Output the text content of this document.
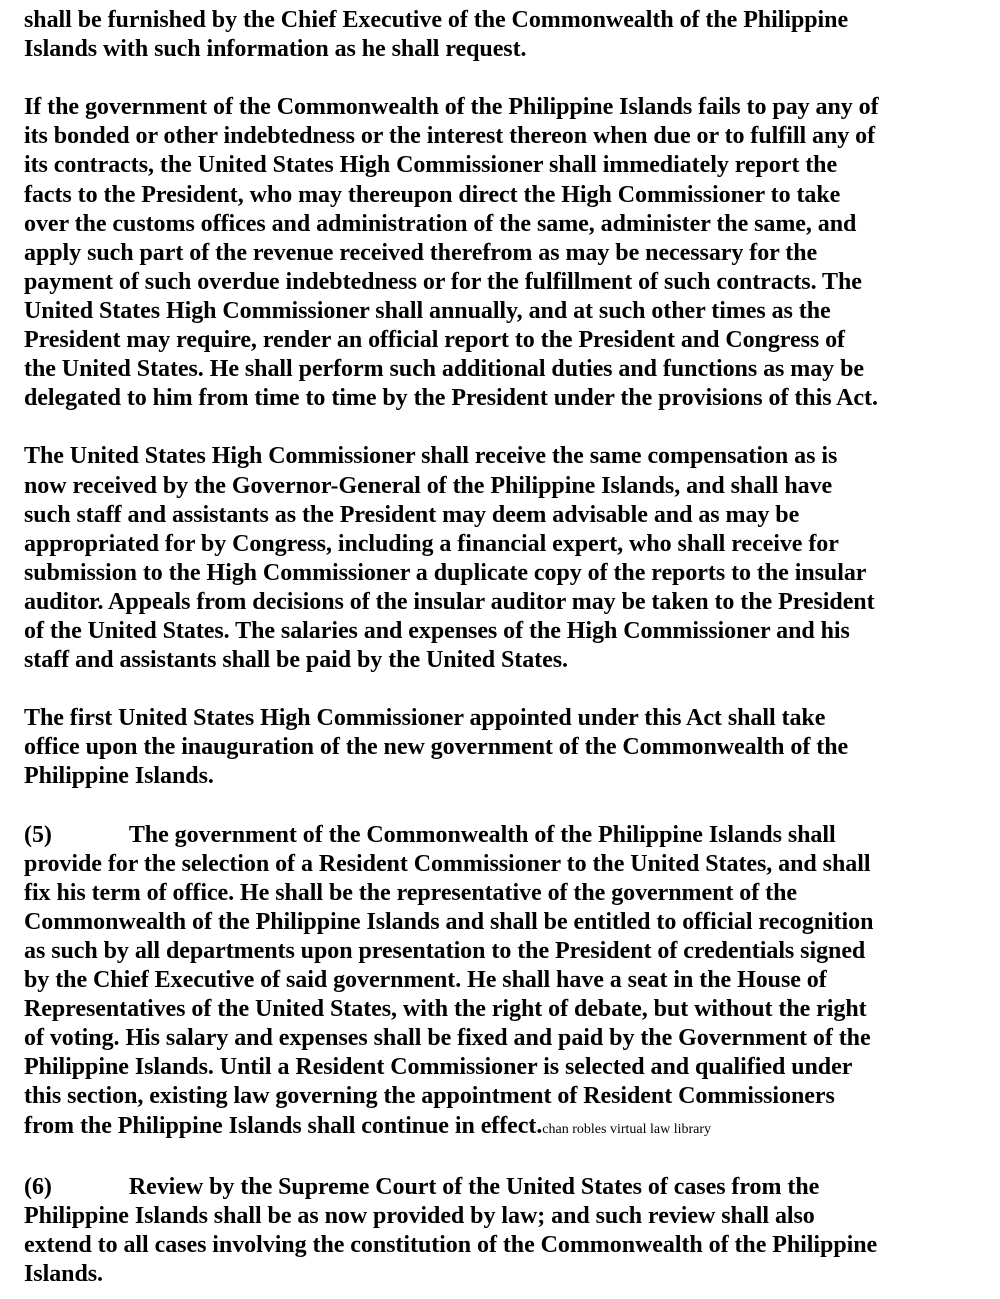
shall be furnished by the Chief Executive of the Commonwealth of the Philippine
Islands with such information as he shall request.
If the government of the Commonwealth of the Philippine Islands fails to pay any of
its bonded or other indebtedness or the interest thereon when due or to fulfill any of
its contracts, the United States High Commissioner shall immediately report the
facts to the President, who may thereupon direct the High Commissioner to take
over the customs offices and administration of the same, administer the same, and
apply such part of the revenue received therefrom as may be necessary for the
payment of such overdue indebtedness or for the fulfillment of such contracts. The
United States High Commissioner shall annually, and at such other times as the
President may require, render an official report to the President and Congress of
the United States. He shall perform such additional duties and functions as may be
delegated to him from time to time by the President under the provisions of this Act.
The United States High Commissioner shall receive the same compensation as is
now received by the Governor-General of the Philippine Islands, and shall have
such staff and assistants as the President may deem advisable and as may be
appropriated for by Congress, including a financial expert, who shall receive for
submission to the High Commissioner a duplicate copy of the reports to the insular
auditor. Appeals from decisions of the insular auditor may be taken to the President
of the United States. The salaries and expenses of the High Commissioner and his
staff and assistants shall be paid by the United States.
The first United States High Commissioner appointed under this Act shall take
office upon the inauguration of the new government of the Commonwealth of the
Philippine Islands.
(5)	The government of the Commonwealth of the Philippine Islands shall
provide for the selection of a Resident Commissioner to the United States, and shall
fix his term of office. He shall be the representative of the government of the
Commonwealth of the Philippine Islands and shall be entitled to official recognition
as such by all departments upon presentation to the President of credentials signed
by the Chief Executive of said government. He shall have a seat in the House of
Representatives of the United States, with the right of debate, but without the right
of voting. His salary and expenses shall be fixed and paid by the Government of the
Philippine Islands. Until a Resident Commissioner is selected and qualified under
this section, existing law governing the appointment of Resident Commissioners
from the Philippine Islands shall continue in effect.chan robles virtual law library
(6)	Review by the Supreme Court of the United States of cases from the
Philippine Islands shall be as now provided by law; and such review shall also
extend to all cases involving the constitution of the Commonwealth of the Philippine
Islands.
